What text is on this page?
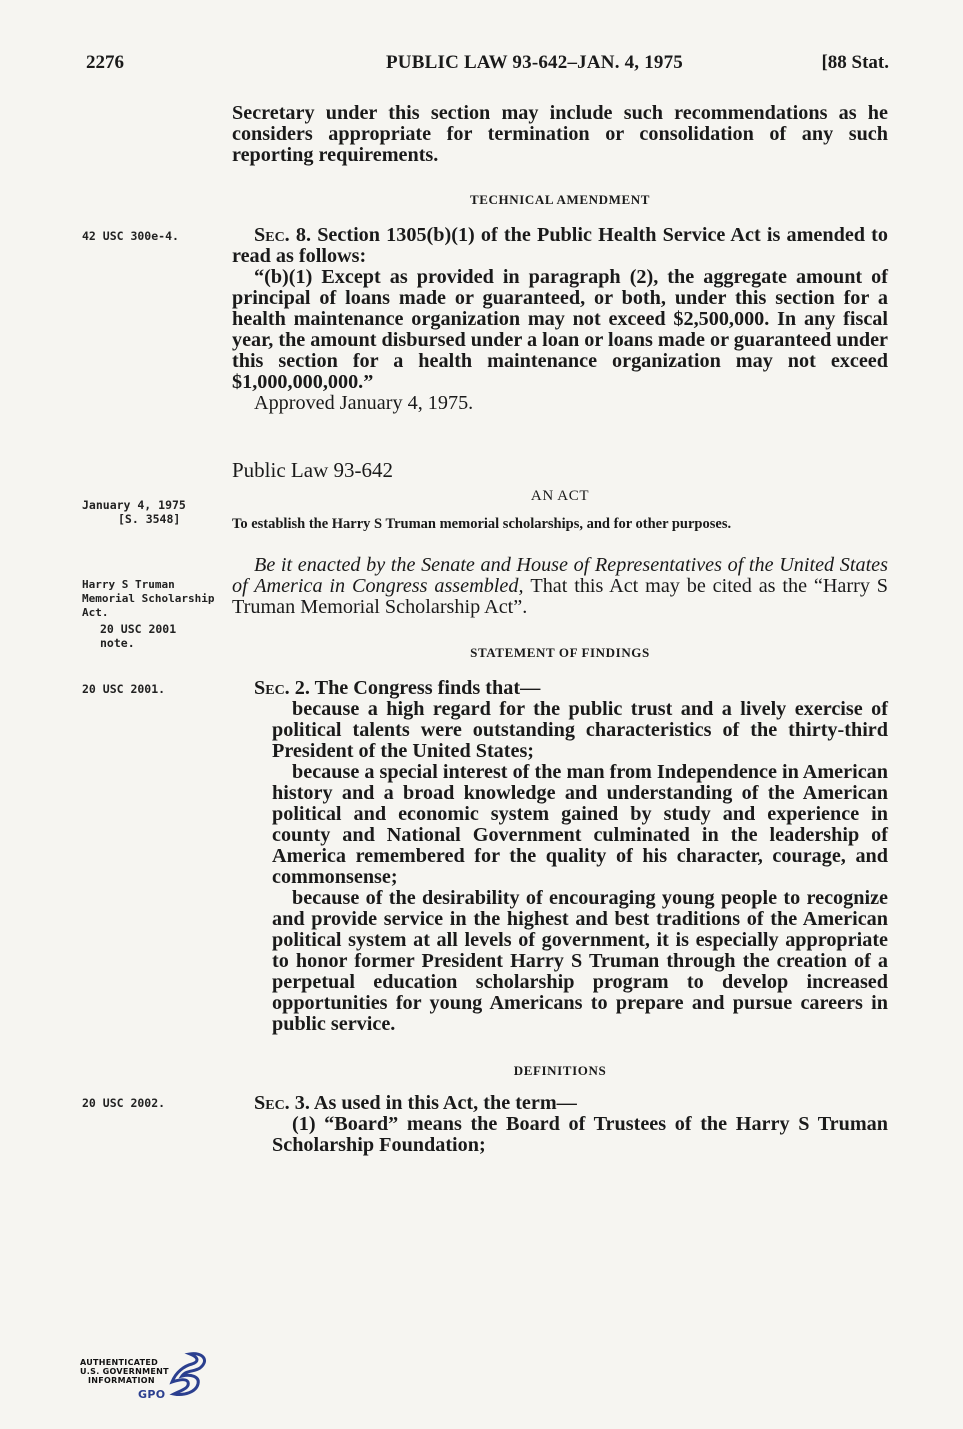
2276	PUBLIC LAW 93-642–JAN. 4, 1975	[88 Stat.

Secretary under this section may include such recommendations as he considers appropriate for termination or consolidation of any such reporting requirements.

TECHNICAL AMENDMENT
42 USC 300e-4.	Sec. 8. Section 1305(b)(1) of the Public Health Service Act is amended to read as follows:

“(b)(1) Except as provided in paragraph (2), the aggregate amount of principal of loans made or guaranteed, or both, under this section for a health maintenance organization may not exceed $2,500,000. In any fiscal year, the amount disbursed under a loan or loans made or guaranteed under this section for a health maintenance organization may not exceed $1,000,000,000.”

Approved January 4, 1975.

Public Law 93-642
January 4, 1975
[S. 3548]
AN ACT
To establish the Harry S Truman memorial scholarships, and for other purposes.
Harry S Truman Memorial Scholarship Act.
20 USC 2001 note.

Be it enacted by the Senate and House of Representatives of the United States of America in Congress assembled, That this Act may be cited as the “Harry S Truman Memorial Scholarship Act”.

STATEMENT OF FINDINGS
20 USC 2001.	Sec. 2. The Congress finds that—

because a high regard for the public trust and a lively exercise of political talents were outstanding characteristics of the thirty-third President of the United States;

because a special interest of the man from Independence in American history and a broad knowledge and understanding of the American political and economic system gained by study and experience in county and National Government culminated in the leadership of America remembered for the quality of his character, courage, and commonsense;

because of the desirability of encouraging young people to recognize and provide service in the highest and best traditions of the American political system at all levels of government, it is especially appropriate to honor former President Harry S Truman through the creation of a perpetual education scholarship program to develop increased opportunities for young Americans to prepare and pursue careers in public service.

DEFINITIONS
20 USC 2002.	Sec. 3. As used in this Act, the term—

(1) “Board” means the Board of Trustees of the Harry S Truman Scholarship Foundation;

AUTHENTICATED
U.S. GOVERNMENT
INFORMATION
GPO
